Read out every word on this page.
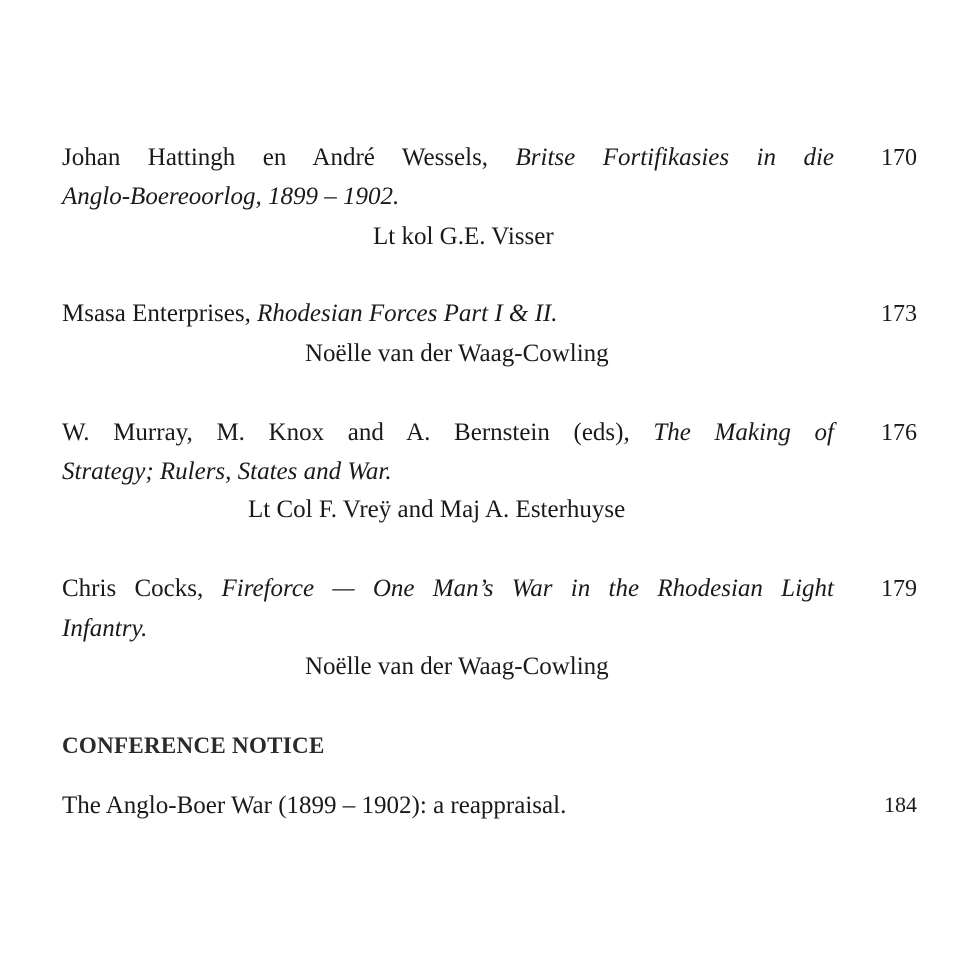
Johan Hattingh en André Wessels, Britse Fortifikasies in die	170
Anglo-Boereoorlog, 1899 – 1902.
Lt kol G.E. Visser
Msasa Enterprises, Rhodesian Forces Part I & II.	173
Noëlle van der Waag-Cowling
W. Murray, M. Knox and A. Bernstein (eds), The Making of	176
Strategy; Rulers, States and War.
Lt Col F. Vreÿ and Maj A. Esterhuyse
Chris Cocks, Fireforce — One Man’s War in the Rhodesian Light	179
Infantry.
Noëlle van der Waag-Cowling
CONFERENCE NOTICE
The Anglo-Boer War (1899 – 1902): a reappraisal.	184
